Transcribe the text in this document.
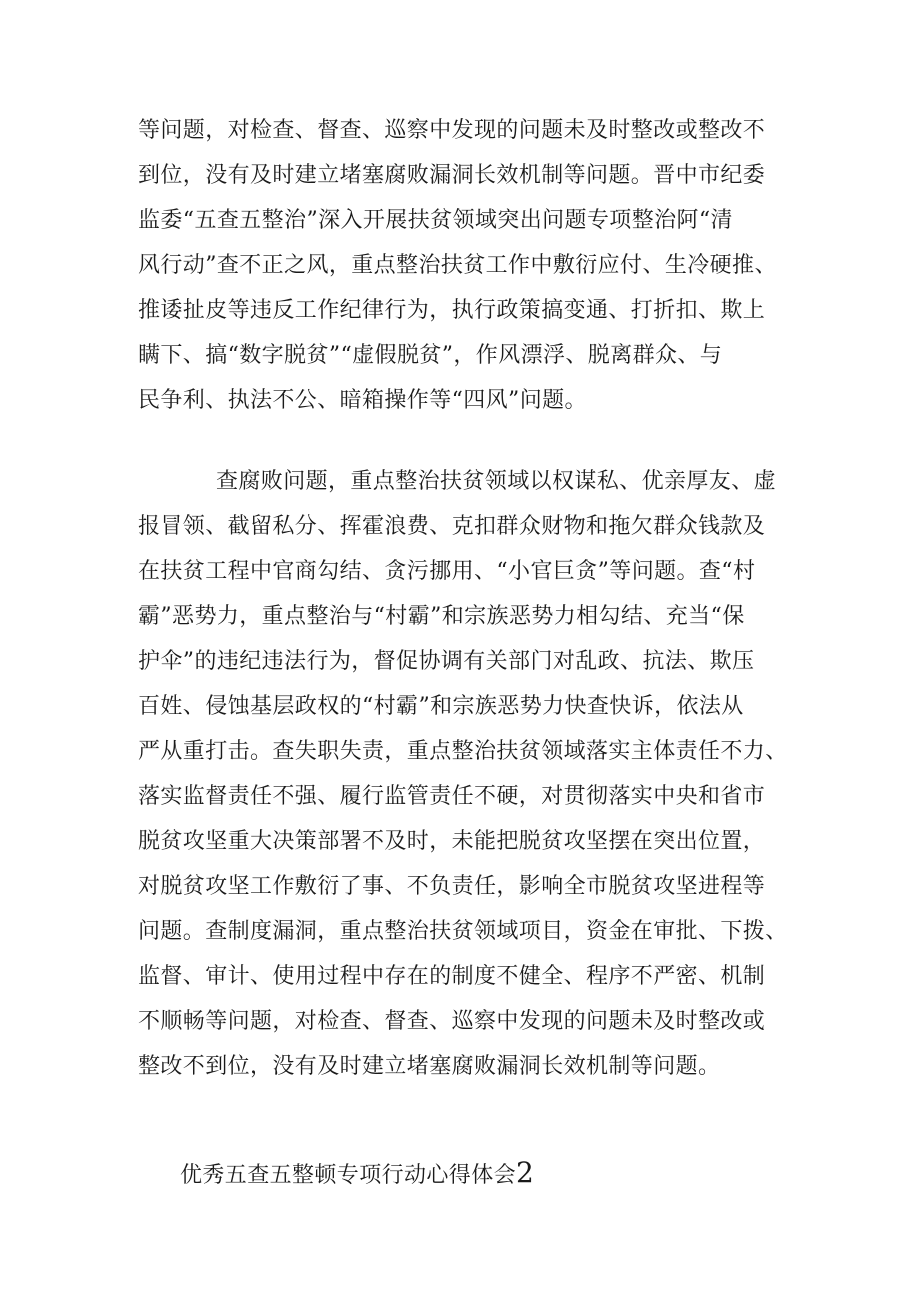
等问题，对检查、督查、巡察中发现的问题未及时整改或整改不
到位，没有及时建立堵塞腐败漏洞长效机制等问题。晋中市纪委
监委“五查五整治”深入开展扶贫领域突出问题专项整治阿“清
风行动”查不正之风，重点整治扶贫工作中敷衍应付、生冷硬推、
推诿扯皮等违反工作纪律行为，执行政策搞变通、打折扣、欺上
瞒下、搞“数字脱贫”“虚假脱贫”，作风漂浮、脱离群众、与
民争利、执法不公、暗箱操作等“四风”问题。
查腐败问题，重点整治扶贫领域以权谋私、优亲厚友、虚
报冒领、截留私分、挥霍浪费、克扣群众财物和拖欠群众钱款及
在扶贫工程中官商勾结、贪污挪用、“小官巨贪”等问题。查“村
霸”恶势力，重点整治与“村霸”和宗族恶势力相勾结、充当“保
护伞”的违纪违法行为，督促协调有关部门对乱政、抗法、欺压
百姓、侵蚀基层政权的“村霸”和宗族恶势力快查快诉，依法从
严从重打击。查失职失责，重点整治扶贫领域落实主体责任不力、
落实监督责任不强、履行监管责任不硬，对贯彻落实中央和省市
脱贫攻坚重大决策部署不及时，未能把脱贫攻坚摆在突出位置，
对脱贫攻坚工作敷衍了事、不负责任，影响全市脱贫攻坚进程等
问题。查制度漏洞，重点整治扶贫领域项目，资金在审批、下拨、
监督、审计、使用过程中存在的制度不健全、程序不严密、机制
不顺畅等问题，对检查、督查、巡察中发现的问题未及时整改或
整改不到位，没有及时建立堵塞腐败漏洞长效机制等问题。
优秀五查五整顿专项行动心得体会2
